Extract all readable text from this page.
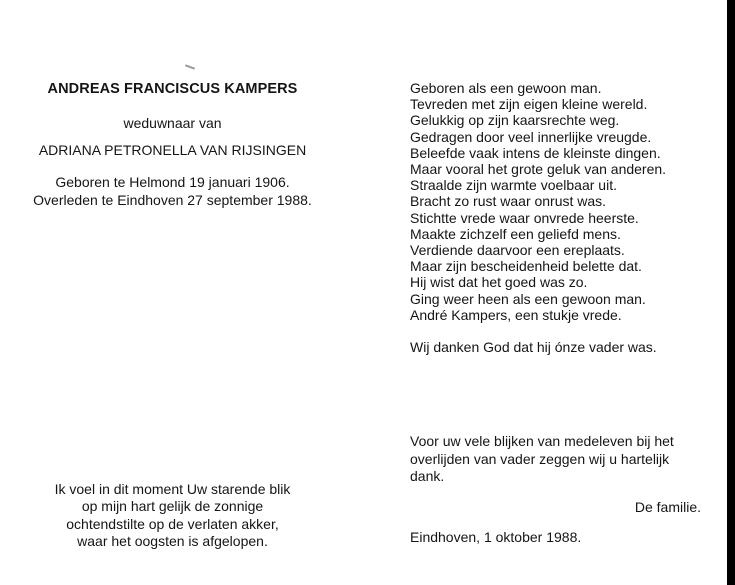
ANDREAS FRANCISCUS KAMPERS
weduwnaar van
ADRIANA PETRONELLA VAN RIJSINGEN
Geboren te Helmond 19 januari 1906.
Overleden te Eindhoven 27 september 1988.
Ik voel in dit moment Uw starende blik
op mijn hart gelijk de zonnige
ochtendstilte op de verlaten akker,
waar het oogsten is afgelopen.
Geboren als een gewoon man.
Tevreden met zijn eigen kleine wereld.
Gelukkig op zijn kaarsrechte weg.
Gedragen door veel innerlijke vreugde.
Beleefde vaak intens de kleinste dingen.
Maar vooral het grote geluk van anderen.
Straalde zijn warmte voelbaar uit.
Bracht zo rust waar onrust was.
Stichtte vrede waar onvrede heerste.
Maakte zichzelf een geliefd mens.
Verdiende daarvoor een ereplaats.
Maar zijn bescheidenheid belette dat.
Hij wist dat het goed was zo.
Ging weer heen als een gewoon man.
André Kampers, een stukje vrede.
Wij danken God dat hij ónze vader was.
Voor uw vele blijken van medeleven bij het
overlijden van vader zeggen wij u hartelijk
dank.
De familie.
Eindhoven, 1 oktober 1988.
